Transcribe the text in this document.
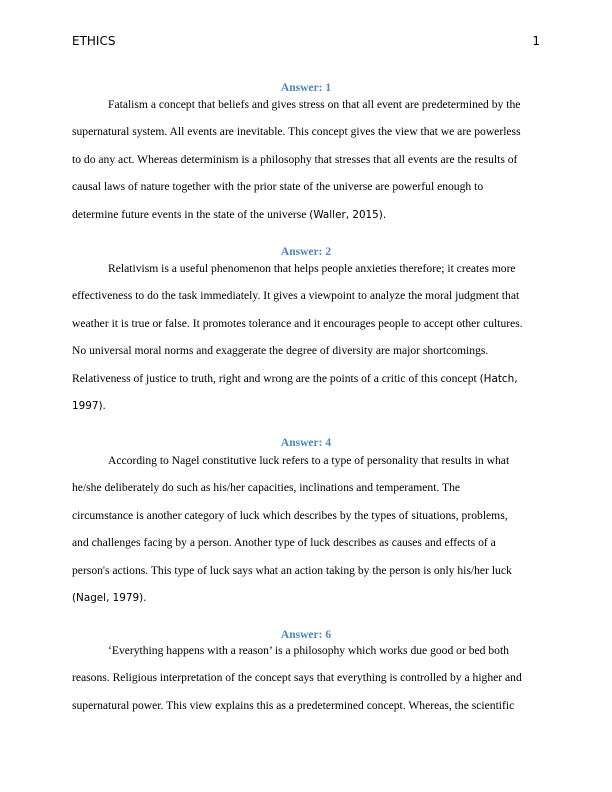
ETHICS	1
Answer: 1
Fatalism a concept that beliefs and gives stress on that all event are predetermined by the
supernatural system. All events are inevitable. This concept gives the view that we are powerless
to do any act. Whereas determinism is a philosophy that stresses that all events are the results of
causal laws of nature together with the prior state of the universe are powerful enough to
determine future events in the state of the universe (Waller, 2015).
Answer: 2
Relativism is a useful phenomenon that helps people anxieties therefore; it creates more
effectiveness to do the task immediately. It gives a viewpoint to analyze the moral judgment that
weather it is true or false. It promotes tolerance and it encourages people to accept other cultures.
No universal moral norms and exaggerate the degree of diversity are major shortcomings.
Relativeness of justice to truth, right and wrong are the points of a critic of this concept (Hatch,
1997).
Answer: 4
According to Nagel constitutive luck refers to a type of personality that results in what
he/she deliberately do such as his/her capacities, inclinations and temperament. The
circumstance is another category of luck which describes by the types of situations, problems,
and challenges facing by a person. Another type of luck describes as causes and effects of a
person's actions. This type of luck says what an action taking by the person is only his/her luck
(Nagel, 1979).
Answer: 6
‘Everything happens with a reason’ is a philosophy which works due good or bed both
reasons. Religious interpretation of the concept says that everything is controlled by a higher and
supernatural power. This view explains this as a predetermined concept. Whereas, the scientific
